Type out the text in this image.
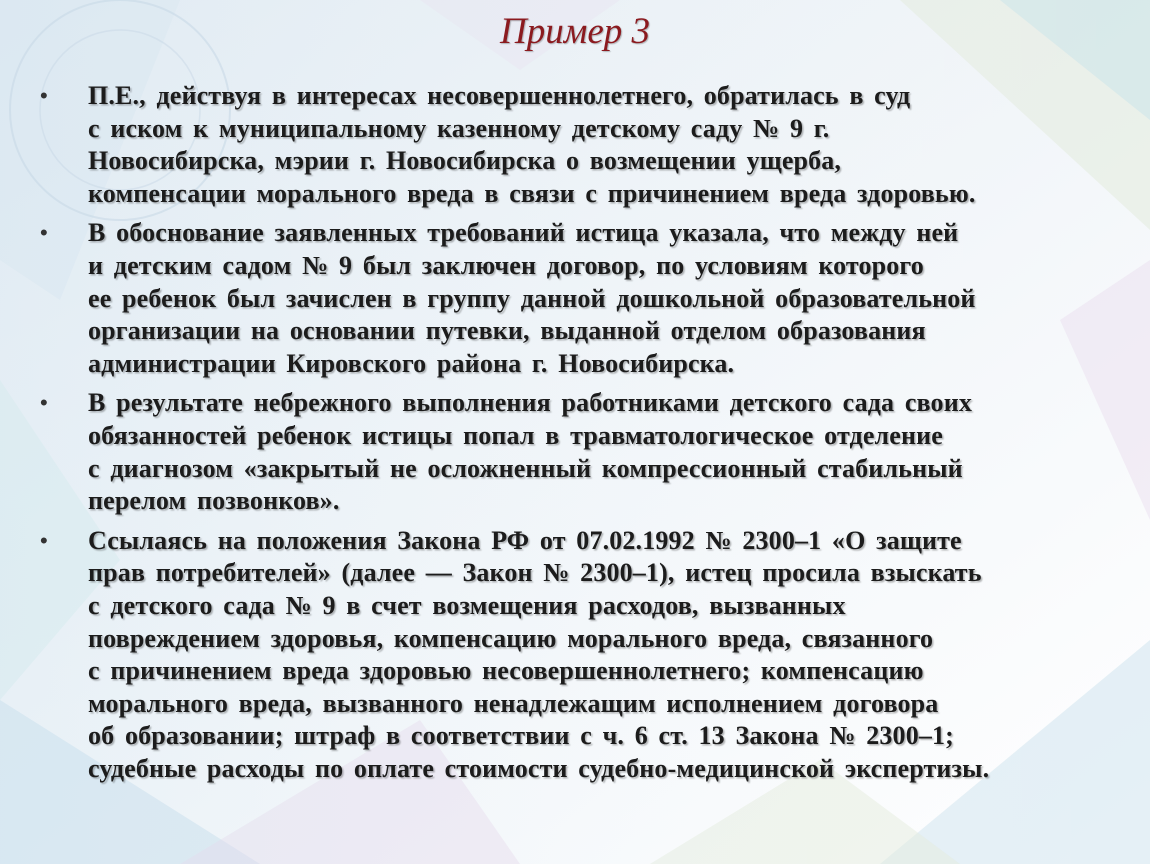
Пример 3
• П.Е., действуя в интересах несовершеннолетнего, обратилась в суд
с иском к муниципальному казенному детскому саду № 9 г.
Новосибирска, мэрии г. Новосибирска о возмещении ущерба,
компенсации морального вреда в связи с причинением вреда здоровью.
• В обоснование заявленных требований истица указала, что между ней
и детским садом № 9 был заключен договор, по условиям которого
ее ребенок был зачислен в группу данной дошкольной образовательной
организации на основании путевки, выданной отделом образования
администрации Кировского района г. Новосибирска.
• В результате небрежного выполнения работниками детского сада своих
обязанностей ребенок истицы попал в травматологическое отделение
с диагнозом «закрытый не осложненный компрессионный стабильный
перелом позвонков».
• Ссылаясь на положения Закона РФ от 07.02.1992 № 2300–1 «О защите
прав потребителей» (далее — Закон № 2300–1), истец просила взыскать
с детского сада № 9 в счет возмещения расходов, вызванных
повреждением здоровья, компенсацию морального вреда, связанного
с причинением вреда здоровью несовершеннолетнего; компенсацию
морального вреда, вызванного ненадлежащим исполнением договора
об образовании; штраф в соответствии с ч. 6 ст. 13 Закона № 2300–1;
судебные расходы по оплате стоимости судебно-медицинской экспертизы.
